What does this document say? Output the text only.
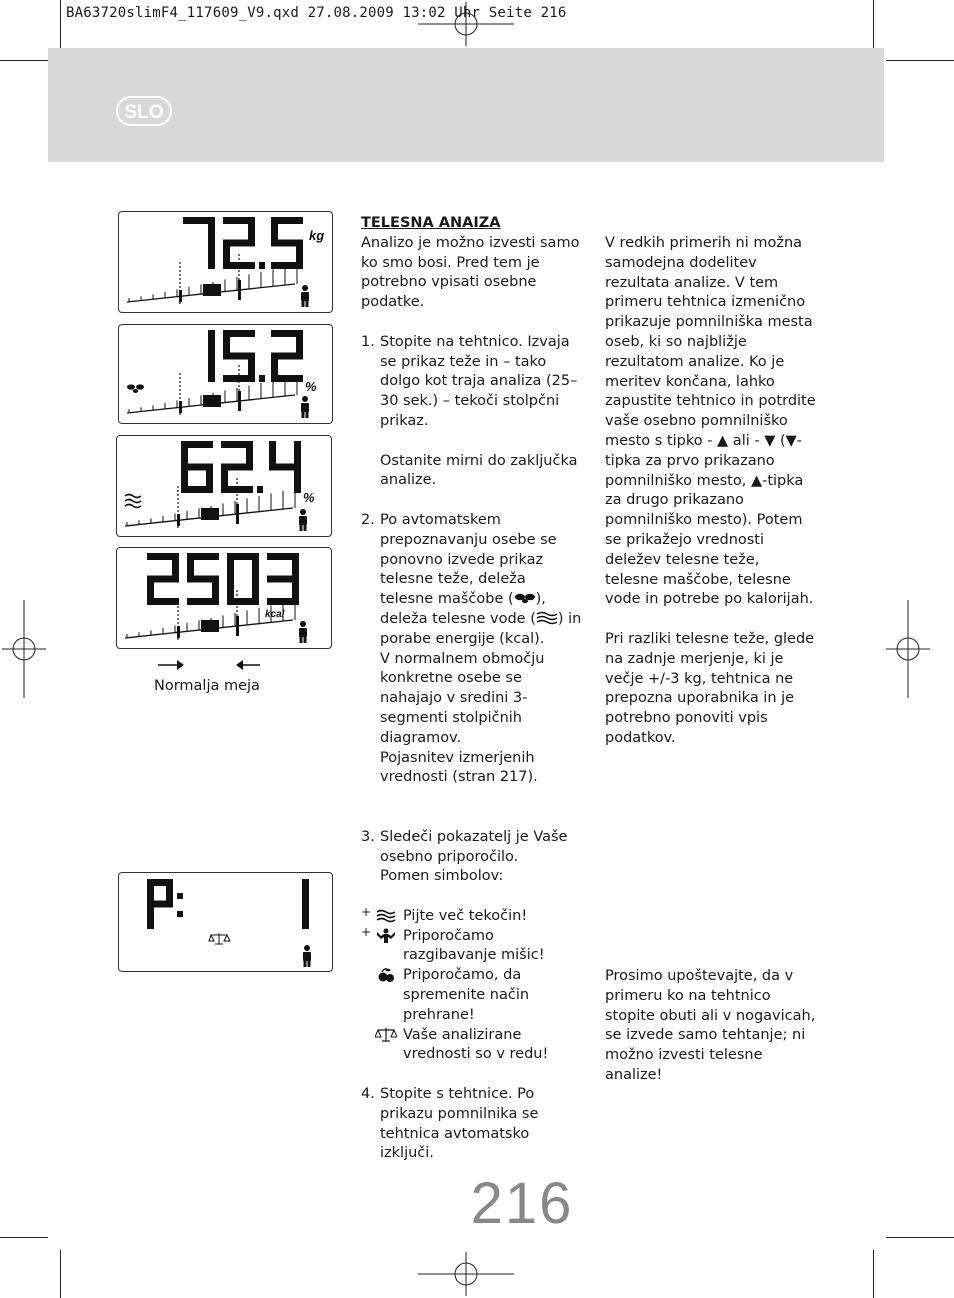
BA63720slimF4_117609_V9.qxd 27.08.2009 13:02 Uhr Seite 216
SLO
kg
%
%
kcal
Normalja meja

TELESNA ANAIZA

Analizo je možno izvesti samo ko smo bosi. Pred tem je potrebno vpisati osebne podatke.

1. Stopite na tehtnico. Izvaja se prikaz teže in – tako dolgo kot traja analiza (25–30 sek.) – tekoči stolpčni prikaz.

Ostanite mirni do zaključka analize.

2. Po avtomatskem prepoznavanju osebe se ponovno izvede prikaz telesne teže, deleža telesne maščobe ( ), deleža telesne vode ( ) in porabe energije (kcal).

V normalnem območju konkretne osebe se nahajajo v sredini 3-segmenti stolpičnih diagramov.

Pojasnitev izmerjenih vrednosti (stran 217).

3. Sledeči pokazatelj je Vaše osebno priporočilo.

Pomen simbolov:

+ Pijte več tekočin!

+ Priporočamo razgibavanje mišic!

Priporočamo, da spremenite način prehrane!

Vaše analizirane vrednosti so v redu!

4. Stopite s tehtnice. Po prikazu pomnilnika se tehtnica avtomatsko izključi.

V redkih primerih ni možna samodejna dodelitev rezultata analize. V tem primeru tehtnica izmenično prikazuje pomnilniška mesta oseb, ki so najbližje rezultatom analize. Ko je meritev končana, lahko zapustite tehtnico in potrdite vaše osebno pomnilniško mesto s tipko - ▲ ali - ▼ (▼-tipka za prvo prikazano pomnilniško mesto, ▲-tipka za drugo prikazano pomnilniško mesto). Potem se prikažejo vrednosti deležev telesne teže, telesne maščobe, telesne vode in potrebe po kalorijah.

Pri razliki telesne teže, glede na zadnje merjenje, ki je večje +/-3 kg, tehtnica ne prepozna uporabnika in je potrebno ponoviti vpis podatkov.

Prosimo upoštevajte, da v primeru ko na tehtnico stopite obuti ali v nogavicah, se izvede samo tehtanje; ni možno izvesti telesne analize!

216
